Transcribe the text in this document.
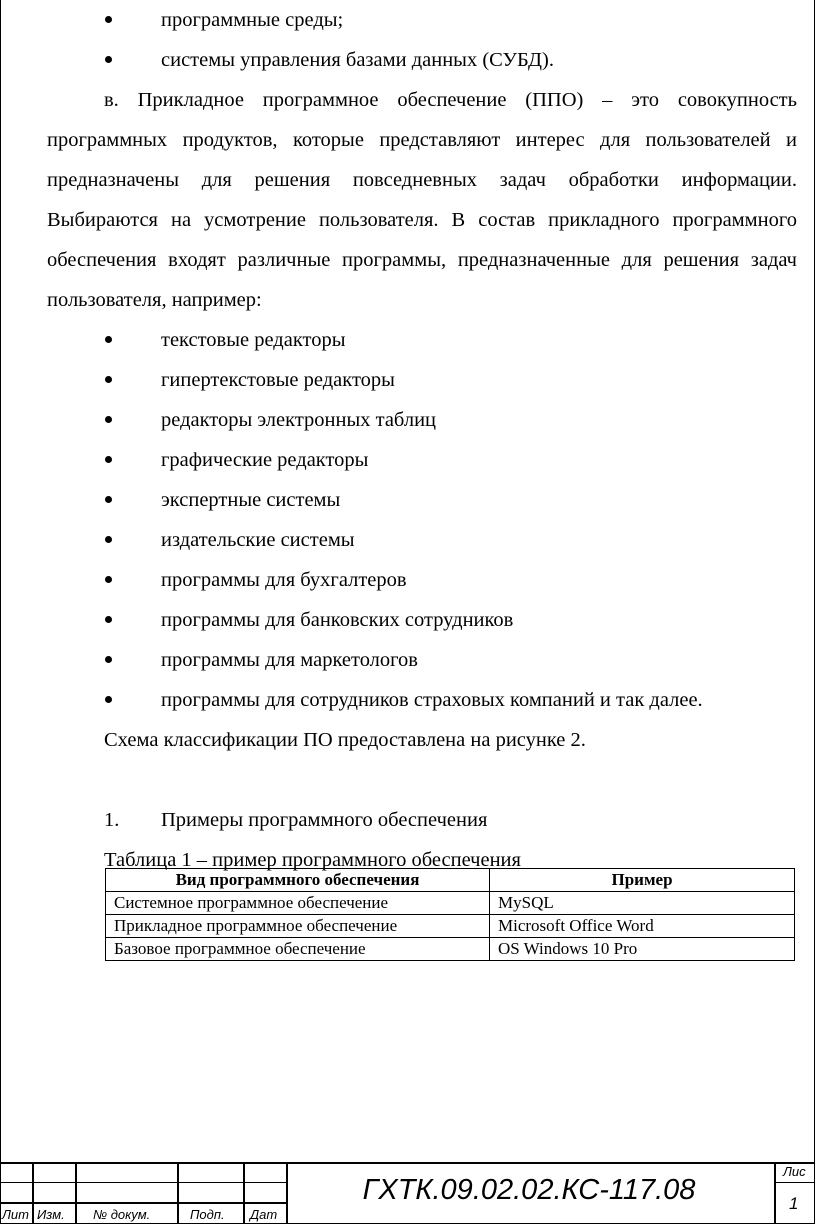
программные среды;
системы управления базами данных (СУБД).

в. Прикладное программное обеспечение (ППО) – это совокупность программных продуктов, которые представляют интерес для пользователей и предназначены для решения повседневных задач обработки информации. Выбираются на усмотрение пользователя. В состав прикладного программного обеспечения входят различные программы, предназначенные для решения задач пользователя, например:

текстовые редакторы
гипертекстовые редакторы
редакторы электронных таблиц
графические редакторы
экспертные системы
издательские системы
программы для бухгалтеров
программы для банковских сотрудников
программы для маркетологов
программы для сотрудников страховых компаний и так далее.

Схема классификации ПО предоставлена на рисунке 2.

1. Примеры программного обеспечения

Таблица 1 – пример программного обеспечения

Вид программного обеспечения	Пример
Системное программное обеспечение	MySQL
Прикладное программное обеспечение	Microsoft Office Word
Базовое программное обеспечение	OS Windows 10 Pro
Лит Изм. № докум.	Подп. Дат
ГХТК.09.02.02.КС-117.08
Лис
1
